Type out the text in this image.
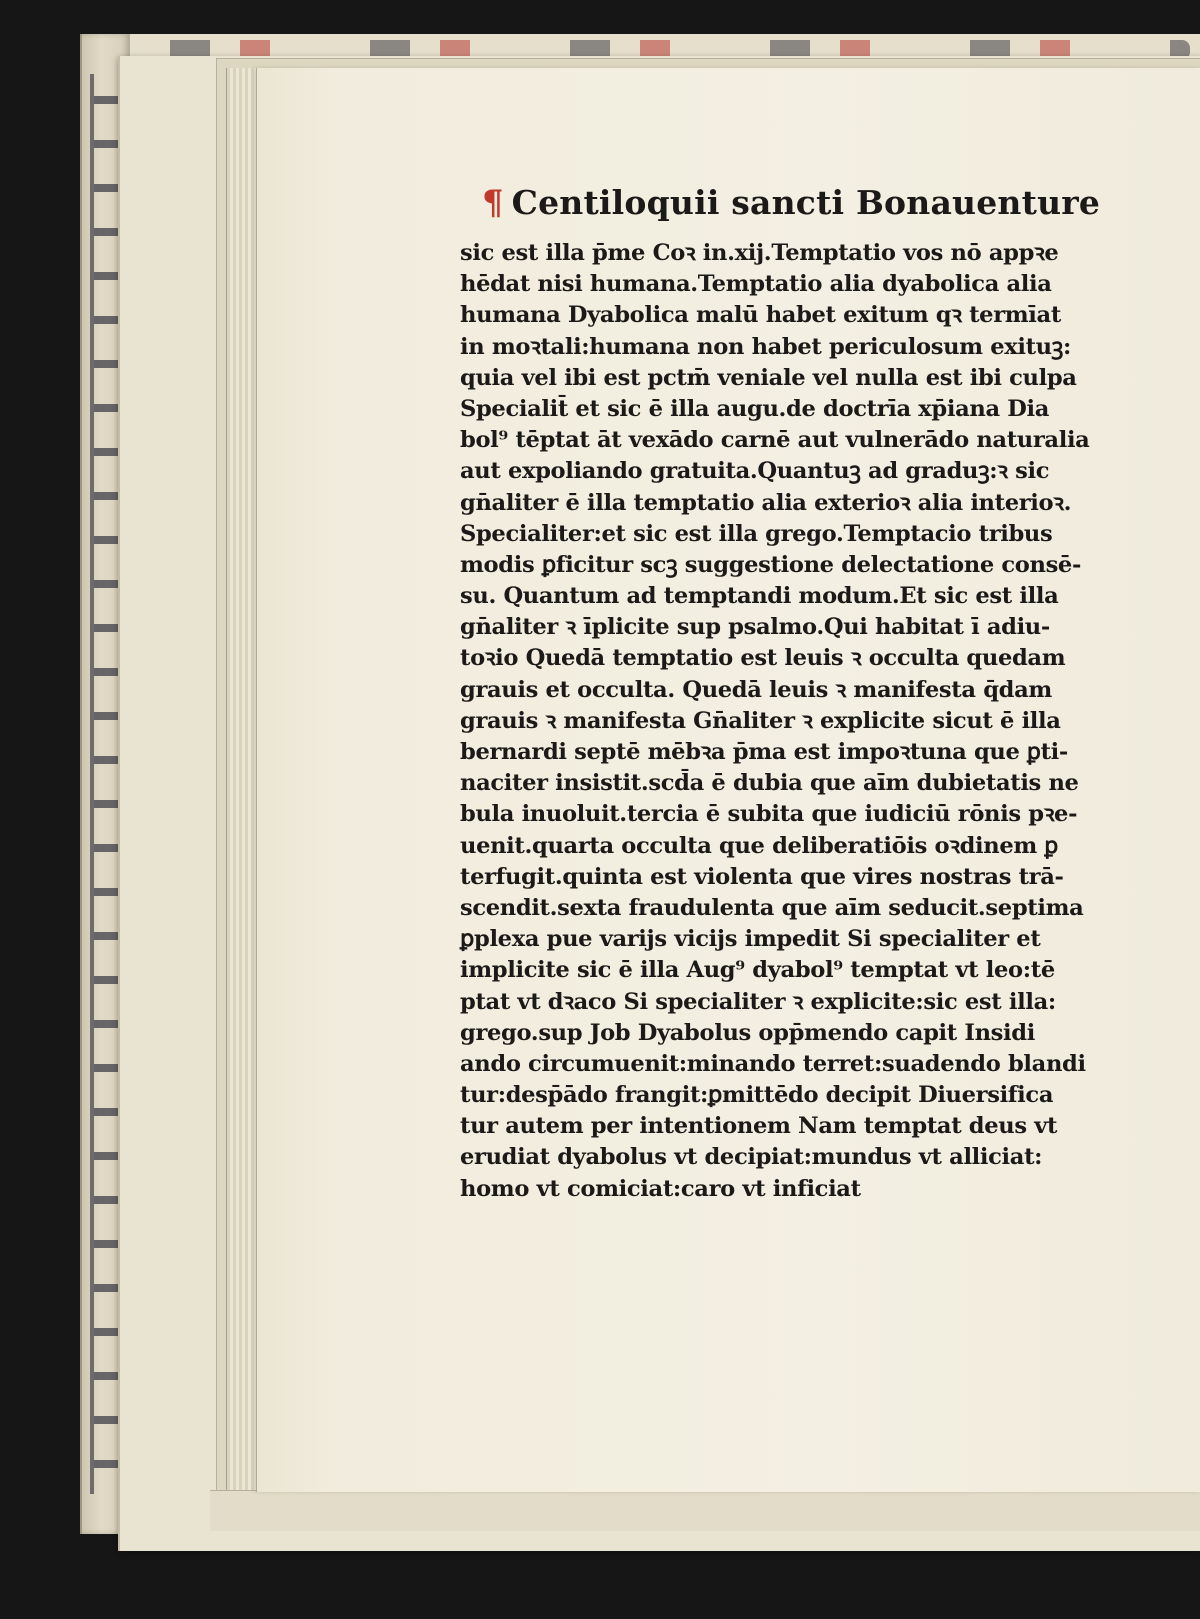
¶ Centiloquii sancti Bonauenture
sic est illa p̄me Coꝛ in.xij.Temptatio vos nō appꝛe
hēdat nisi humana.Temptatio alia dyabolica alia
humana Dyabolica malū habet exitum qꝛ termīat
in moꝛtali:humana non habet periculosum exituꝫ:
quia vel ibi est pctm̄ veniale vel nulla est ibi culpa
Specialit̄ et sic ē illa augu.de doctrīa xp̄iana Dia
bol⁹ tēptat āt vexādo carnē aut vulnerādo naturalia
aut expoliando gratuita.Quantuꝫ ad graduꝫ:ꝛ sic
gn̄aliter ē illa temptatio alia exterioꝛ alia interioꝛ.
Specialiter:et sic est illa grego.Temptacio tribus
modis ꝑficitur scꝫ suggestione delectatione consē-
su. Quantum ad temptandi modum.Et sic est illa
gn̄aliter ꝛ īplicite sup psalmo.Qui habitat ī adiu-
toꝛio Quedā temptatio est leuis ꝛ occulta quedam
grauis et occulta. Quedā leuis ꝛ manifesta q̄dam
grauis ꝛ manifesta Gn̄aliter ꝛ explicite sicut ē illa
bernardi septē mēbꝛa p̄ma est impoꝛtuna que ꝑti-
naciter insistit.scd̄a ē dubia que aīm dubietatis ne
bula inuoluit.tercia ē subita que iudiciū rōnis pꝛe-
uenit.quarta occulta que deliberatiōis oꝛdinem ꝑ
terfugit.quinta est violenta que vires nostras trā-
scendit.sexta fraudulenta que aīm seducit.septima
ꝑplexa pue varijs vicijs impedit Si specialiter et
implicite sic ē illa Aug⁹ dyabol⁹ temptat vt leo:tē
ptat vt dꝛaco Si specialiter ꝛ explicite:sic est illa:
grego.sup Job Dyabolus opp̄mendo capit Insidi
ando circumuenit:minando terret:suadendo blandi
tur:desp̄ādo frangit:ꝑmittēdo decipit Diuersifica
tur autem per intentionem Nam temptat deus vt
erudiat dyabolus vt decipiat:mundus vt alliciat:
homo vt comiciat:caro vt inficiat
